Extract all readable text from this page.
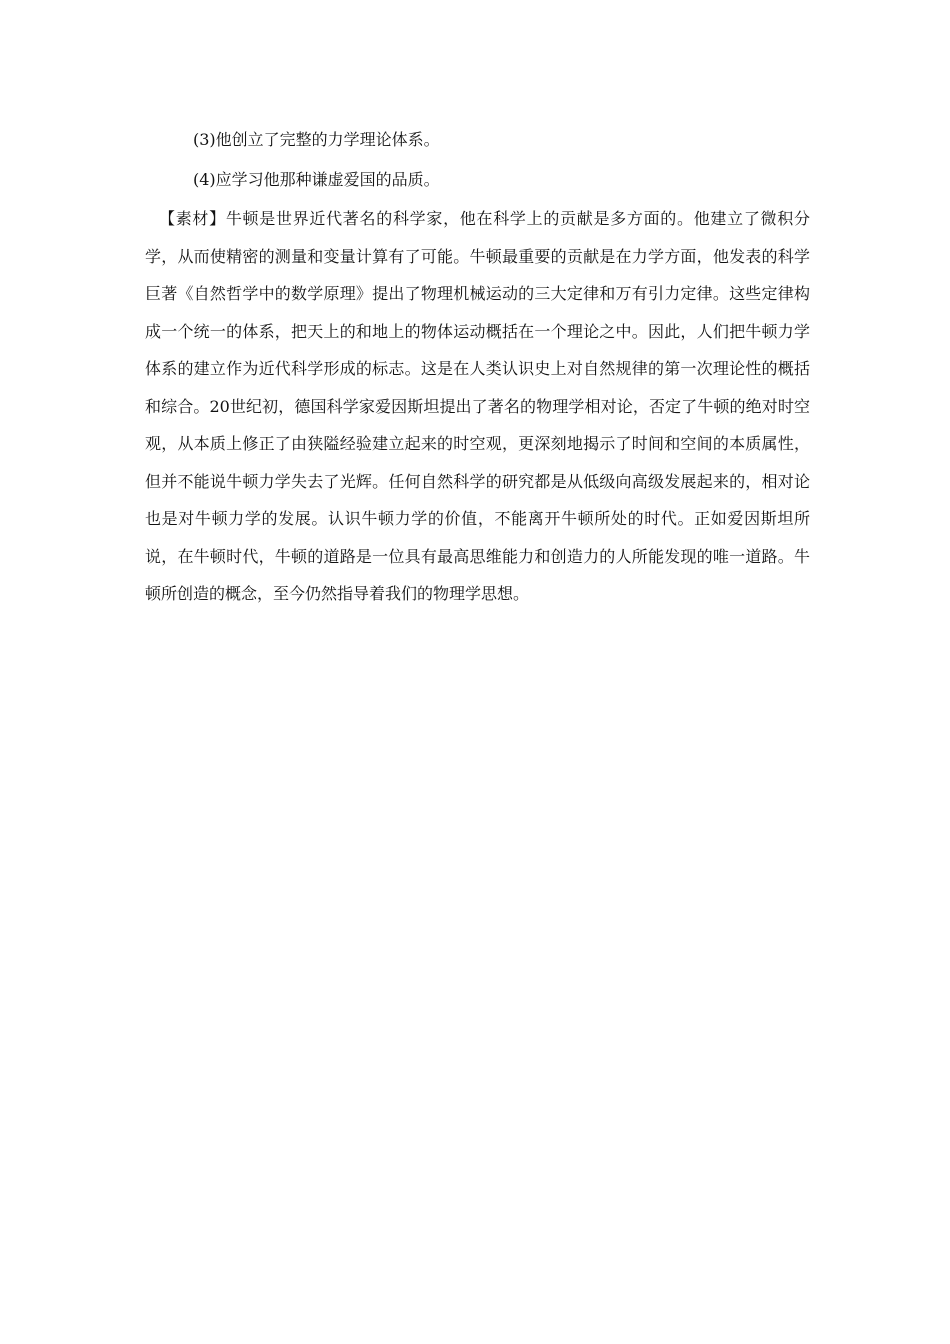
(3)他创立了完整的力学理论体系。

(4)应学习他那种谦虚爱国的品质。

【素材】牛顿是世界近代著名的科学家，他在科学上的贡献是多方面的。他建立了微积分学，从而使精密的测量和变量计算有了可能。牛顿最重要的贡献是在力学方面，他发表的科学巨著《自然哲学中的数学原理》提出了物理机械运动的三大定律和万有引力定律。这些定律构成一个统一的体系，把天上的和地上的物体运动概括在一个理论之中。因此，人们把牛顿力学体系的建立作为近代科学形成的标志。这是在人类认识史上对自然规律的第一次理论性的概括和综合。20世纪初，德国科学家爱因斯坦提出了著名的物理学相对论，否定了牛顿的绝对时空观，从本质上修正了由狭隘经验建立起来的时空观，更深刻地揭示了时间和空间的本质属性，但并不能说牛顿力学失去了光辉。任何自然科学的研究都是从低级向高级发展起来的，相对论也是对牛顿力学的发展。认识牛顿力学的价值，不能离开牛顿所处的时代。正如爱因斯坦所说，在牛顿时代，牛顿的道路是一位具有最高思维能力和创造力的人所能发现的唯一道路。牛顿所创造的概念，至今仍然指导着我们的物理学思想。
